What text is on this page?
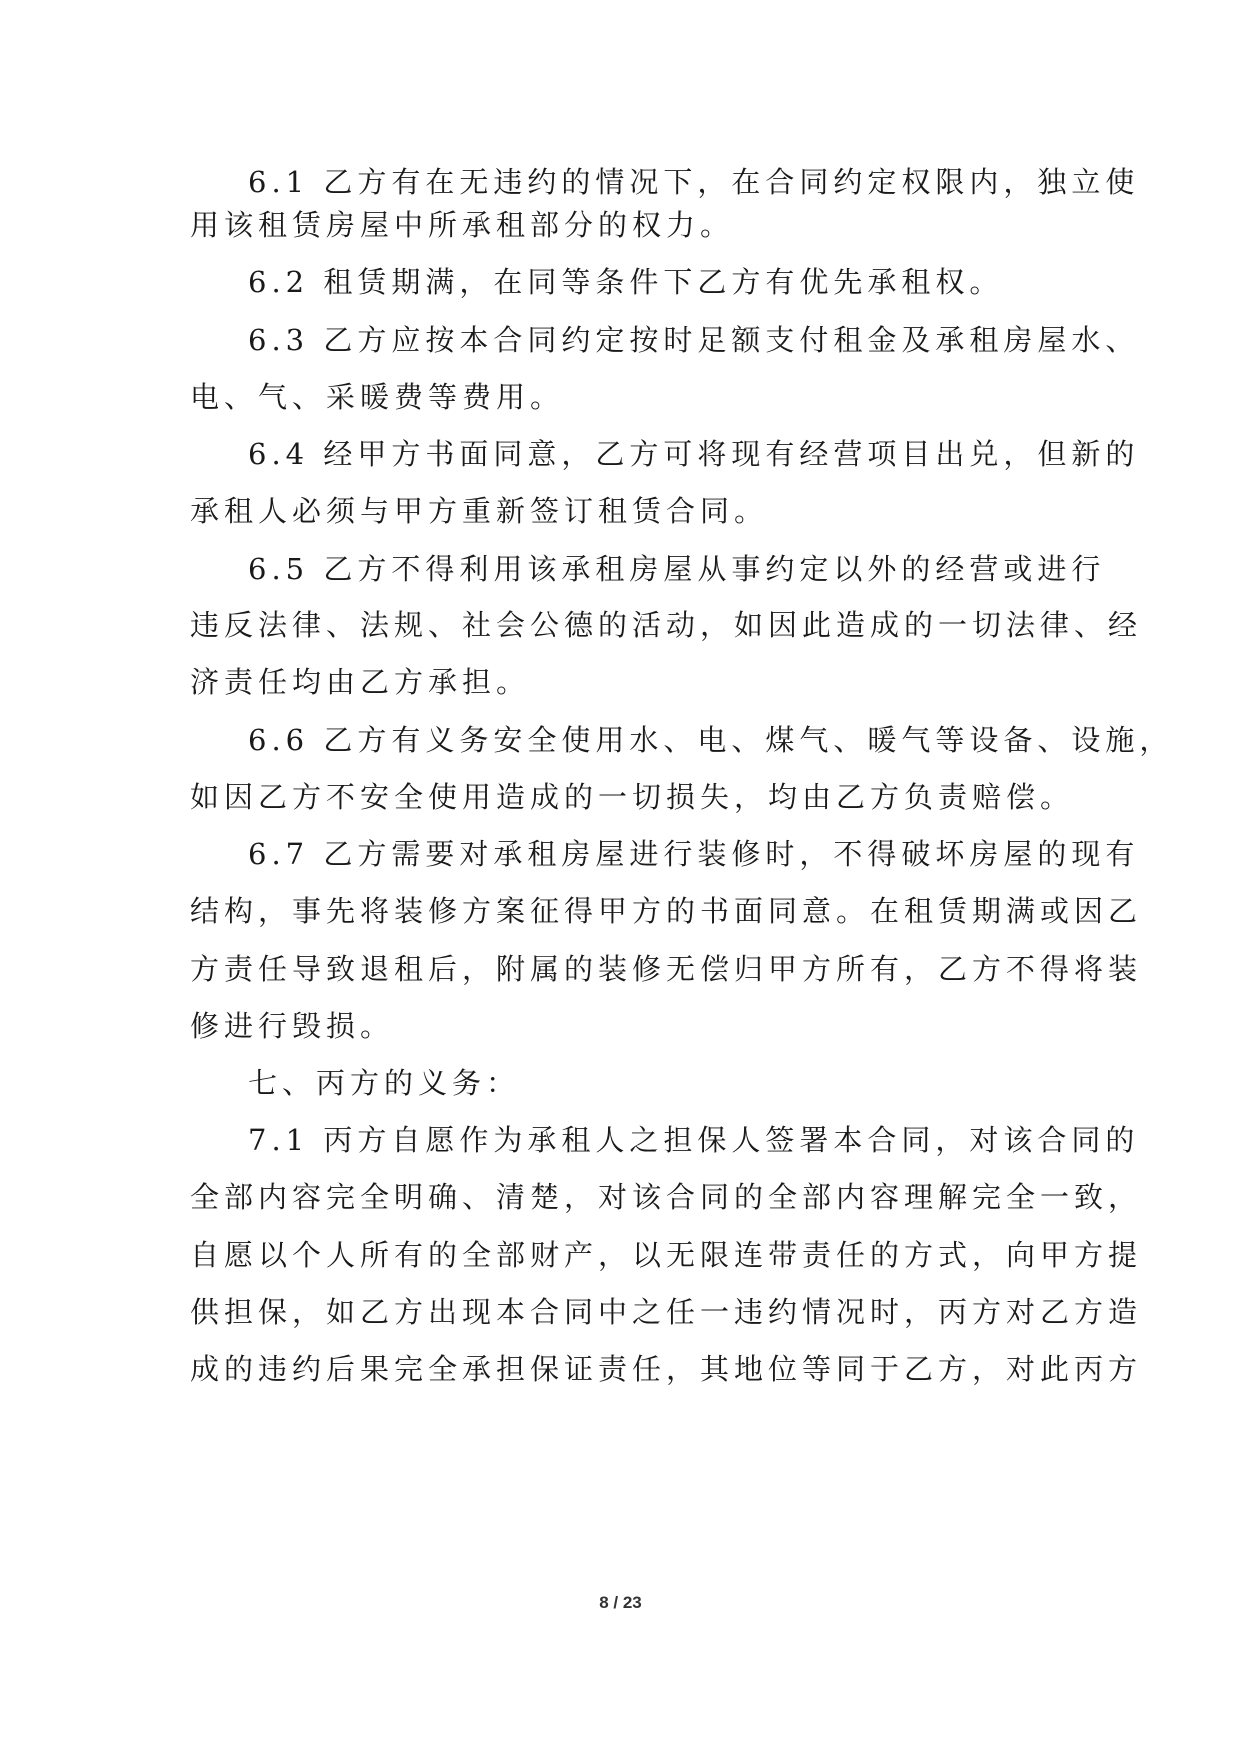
6.1 乙方有在无违约的情况下，在合同约定权限内，独立使
用该租赁房屋中所承租部分的权力。
6.2 租赁期满，在同等条件下乙方有优先承租权。
6.3 乙方应按本合同约定按时足额支付租金及承租房屋水、
电、气、采暖费等费用。
6.4 经甲方书面同意，乙方可将现有经营项目出兑，但新的
承租人必须与甲方重新签订租赁合同。
6.5 乙方不得利用该承租房屋从事约定以外的经营或进行
违反法律、法规、社会公德的活动，如因此造成的一切法律、经
济责任均由乙方承担。
6.6 乙方有义务安全使用水、电、煤气、暖气等设备、设施，
如因乙方不安全使用造成的一切损失，均由乙方负责赔偿。
6.7 乙方需要对承租房屋进行装修时，不得破坏房屋的现有
结构，事先将装修方案征得甲方的书面同意。在租赁期满或因乙
方责任导致退租后，附属的装修无偿归甲方所有，乙方不得将装
修进行毁损。
七、丙方的义务：
7.1 丙方自愿作为承租人之担保人签署本合同，对该合同的
全部内容完全明确、清楚，对该合同的全部内容理解完全一致，
自愿以个人所有的全部财产，以无限连带责任的方式，向甲方提
供担保，如乙方出现本合同中之任一违约情况时，丙方对乙方造
成的违约后果完全承担保证责任，其地位等同于乙方，对此丙方
8 / 23
